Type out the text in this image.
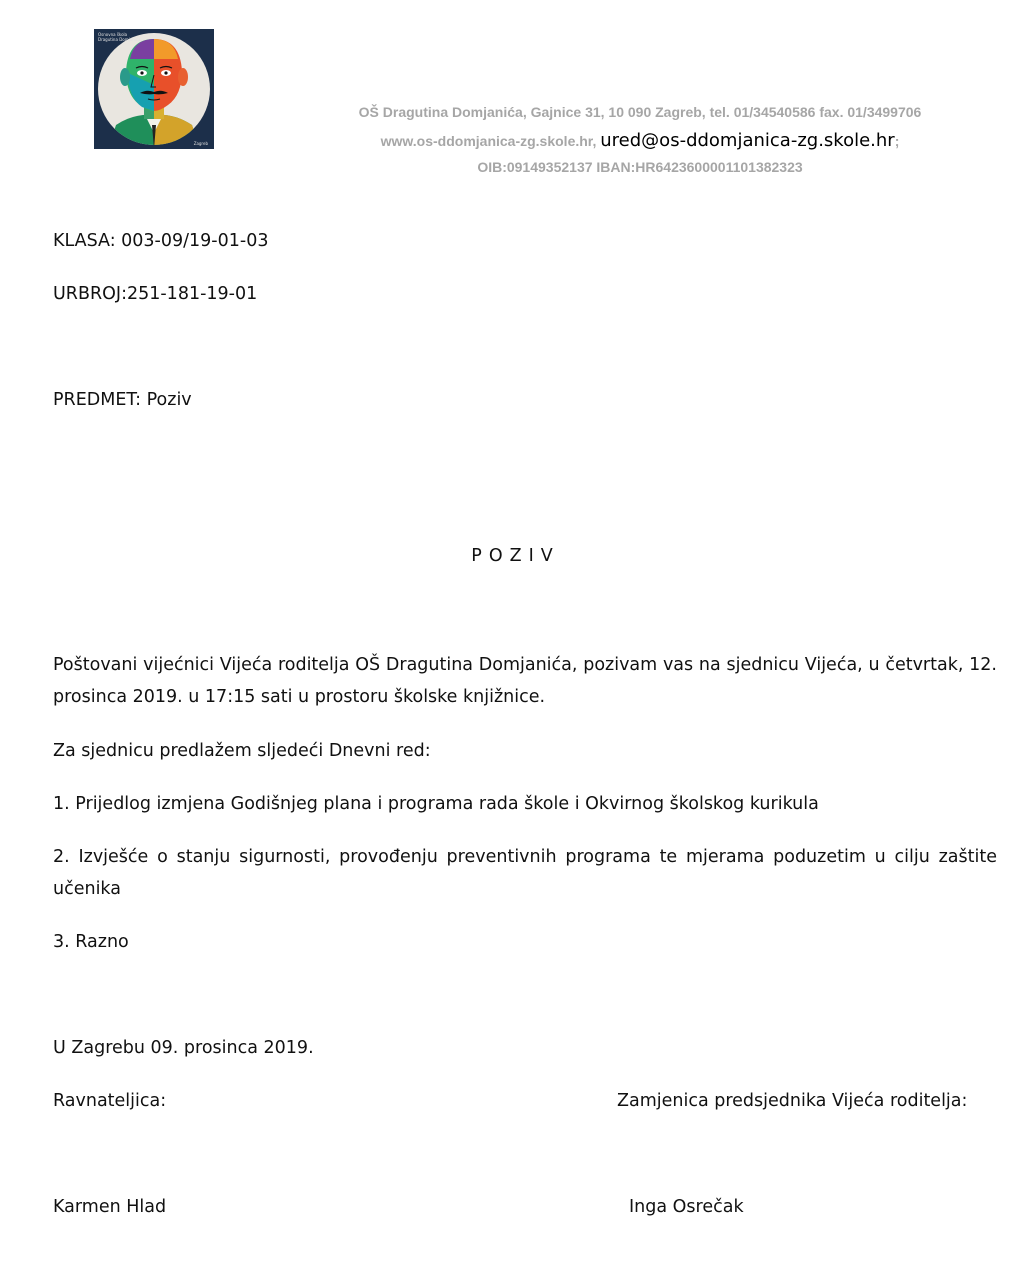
Osnovna škola
Dragutina Domjanića
Zagreb
OŠ Dragutina Domjanića, Gajnice 31, 10 090 Zagreb, tel. 01/34540586 fax. 01/3499706
www.os-ddomjanica-zg.skole.hr, ured@os-ddomjanica-zg.skole.hr;
OIB:09149352137 IBAN:HR6423600001101382323
KLASA: 003-09/19-01-03
URBROJ:251-181-19-01
PREDMET: Poziv
POZIV
Poštovani vijećnici Vijeća roditelja OŠ Dragutina Domjanića, pozivam vas na sjednicu Vijeća, u četvrtak, 12. prosinca 2019. u 17:15 sati u prostoru školske knjižnice.
Za sjednicu predlažem sljedeći Dnevni red:
1. Prijedlog izmjena Godišnjeg plana i programa rada škole i Okvirnog školskog kurikula
2. Izvješće o stanju sigurnosti, provođenju preventivnih programa te mjerama poduzetim u cilju zaštite učenika
3. Razno
U Zagrebu 09. prosinca 2019.
Ravnateljica:	Zamjenica predsjednika Vijeća roditelja:
Karmen Hlad	Inga Osrečak
